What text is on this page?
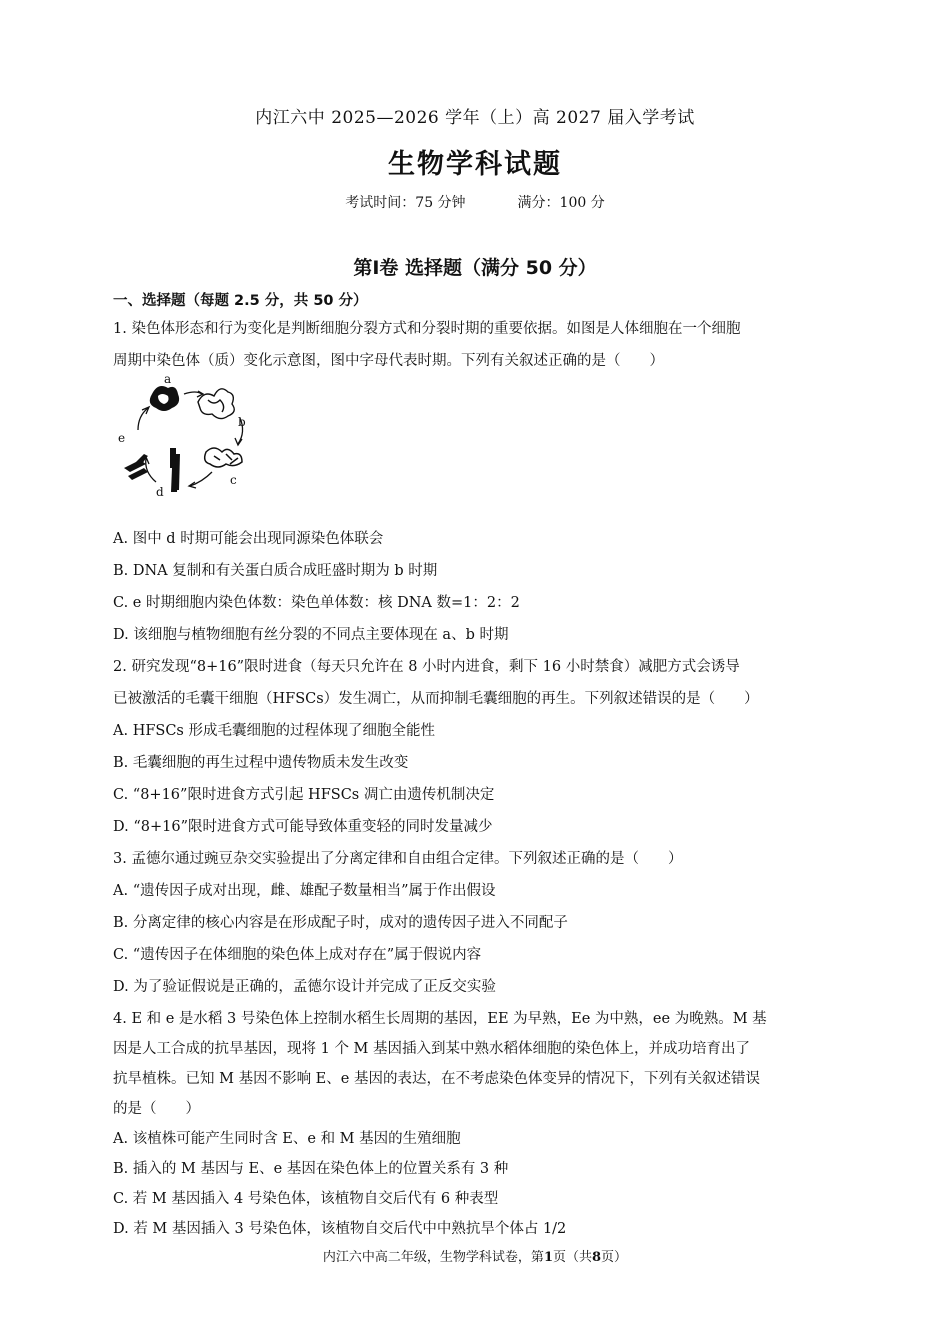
内江六中 2025—2026 学年（上）高 2027 届入学考试
生物学科试题
考试时间：75 分钟	满分：100 分
第Ⅰ卷 选择题（满分 50 分）
一、选择题（每题 2.5 分，共 50 分）
1. 染色体形态和行为变化是判断细胞分裂方式和分裂时期的重要依据。如图是人体细胞在一个细胞
周期中染色体（质）变化示意图，图中字母代表时期。下列有关叙述正确的是（　　）
a
b
c
d
e
A. 图中 d 时期可能会出现同源染色体联会
B. DNA 复制和有关蛋白质合成旺盛时期为 b 时期
C. e 时期细胞内染色体数：染色单体数：核 DNA 数=1：2：2
D. 该细胞与植物细胞有丝分裂的不同点主要体现在 a、b 时期
2. 研究发现“8+16”限时进食（每天只允许在 8 小时内进食，剩下 16 小时禁食）减肥方式会诱导
已被激活的毛囊干细胞（HFSCs）发生凋亡，从而抑制毛囊细胞的再生。下列叙述错误的是（　　）
A. HFSCs 形成毛囊细胞的过程体现了细胞全能性
B. 毛囊细胞的再生过程中遗传物质未发生改变
C. “8+16”限时进食方式引起 HFSCs 凋亡由遗传机制决定
D. “8+16”限时进食方式可能导致体重变轻的同时发量减少
3. 孟德尔通过豌豆杂交实验提出了分离定律和自由组合定律。下列叙述正确的是（　　）
A. “遗传因子成对出现，雌、雄配子数量相当”属于作出假设
B. 分离定律的核心内容是在形成配子时，成对的遗传因子进入不同配子
C. “遗传因子在体细胞的染色体上成对存在”属于假说内容
D. 为了验证假说是正确的，孟德尔设计并完成了正反交实验
4. E 和 e 是水稻 3 号染色体上控制水稻生长周期的基因，EE 为早熟，Ee 为中熟，ee 为晚熟。M 基
因是人工合成的抗旱基因，现将 1 个 M 基因插入到某中熟水稻体细胞的染色体上，并成功培育出了
抗旱植株。已知 M 基因不影响 E、e 基因的表达，在不考虑染色体变异的情况下，下列有关叙述错误
的是（　　）
A. 该植株可能产生同时含 E、e 和 M 基因的生殖细胞
B. 插入的 M 基因与 E、e 基因在染色体上的位置关系有 3 种
C. 若 M 基因插入 4 号染色体，该植物自交后代有 6 种表型
D. 若 M 基因插入 3 号染色体，该植物自交后代中中熟抗旱个体占 1/2
内江六中高二年级，生物学科试卷，第1页（共8页）
